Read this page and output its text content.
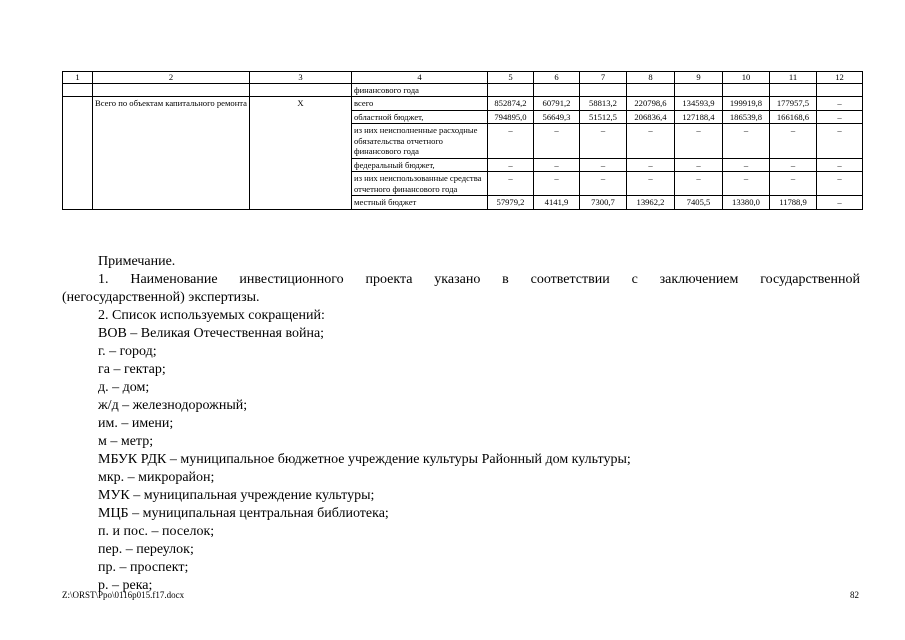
1	2	3	4	5	6	7	8	9	10	11	12
			финансового года								
	Всего по объектам капитального ремонта	Х	всего	852874,2	60791,2	58813,2	220798,6	134593,9	199919,8	177957,5	–
			областной бюджет,	794895,0	56649,3	51512,5	206836,4	127188,4	186539,8	166168,6	–
			из них неисполненные расходные обязательства отчетного финансового года	–	–	–	–	–	–	–	–
			федеральный бюджет,	–	–	–	–	–	–	–	–
			из них неиспользованные средства отчетного финансового года	–	–	–	–	–	–	–	–
			местный бюджет	57979,2	4141,9	7300,7	13962,2	7405,5	13380,0	11788,9	–

Примечание.

1. Наименование инвестиционного проекта указано в соответствии с заключением государственной

(негосударственной) экспертизы.

2. Список используемых сокращений:

ВОВ – Великая Отечественная война;

г. – город;

га – гектар;

д. – дом;

ж/д – железнодорожный;

им. – имени;

м – метр;

МБУК РДК – муниципальное бюджетное учреждение культуры Районный дом культуры;

мкр. – микрорайон;

МУК – муниципальная учреждение культуры;

МЦБ – муниципальная центральная библиотека;

п. и пос. – поселок;

пер. – переулок;

пр. – проспект;

р. – река;

Z:\ORST\Ppo\0116p015.f17.docx	82
